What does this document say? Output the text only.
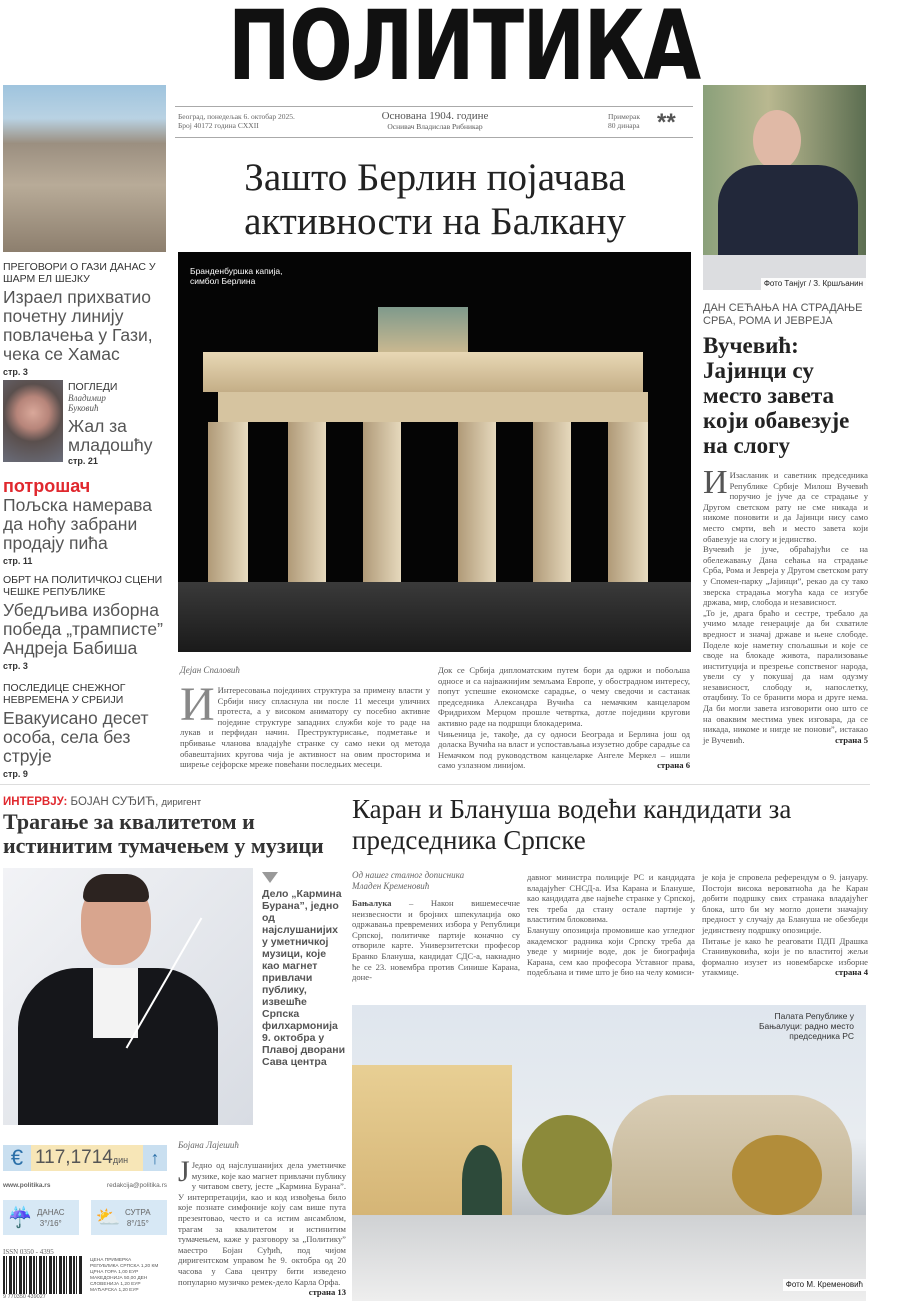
ПОЛИТИКА
Београд, понедељак 6. октобар 2025.
Број 40172 година CXXII
Основана 1904. године
Оснивач Владислав Рибникар
Примерак
80 динара **
ПРЕГОВОРИ О ГАЗИ ДАНАС У ШАРМ ЕЛ ШЕЈКУ
Израел прихватио почетну линију повлачења у Гази, чека се Хамас
стр. 3
ПОГЛЕДИ
Владимир Буковић
Жал за младошћу
стр. 21
потрошач
Пољска намерава да ноћу забрани продају пића
стр. 11
ОБРТ НА ПОЛИТИЧКОЈ СЦЕНИ ЧЕШКЕ РЕПУБЛИКЕ
Убедљива изборна победа „трамписте” Андреја Бабиша
стр. 3
ПОСЛЕДИЦЕ СНЕЖНОГ НЕВРЕМЕНА У СРБИЈИ
Евакуисано десет особа, села без струје
стр. 9
Зашто Берлин појачава активности на Балкану
Бранденбуршка капија, симбол Берлина
Дејан Спаловић
И Интересовања појединих структура за примену власти у Србији нису спласнула ни после 11 месеци уличних протеста, а у високом аниматору су посебно активне поједине структуре западних служби које то раде на лукав и перфидан начин. Преструктурисање, подметање и прбивање чланова владајуће странке су само неки од метода обавештајних кругова чија је активност на овим просторима и ширење сејфорске мреже повећани последњих месеци.
Док се Србија дипломатским путем бори да одржи и побољша односе и са најважнијим земљама Европе, у обострадном интересу, попут успешне економске сарадње, о чему сведочи и састанак председника Александра Вучића са немачким канцеларом Фридрихом Мерцом прошле четвртка, дотле поједини кругови активно раде на подршци блокадерима.
Чињеница је, такође, да су односи Београда и Берлина још од доласка Вучића на власт и успостављања изузетно добре сарадње са Немачком под руководством канцеларке Ангеле Меркел – ишли само узлазном линијом.	страна 6
Фото Танјуг / З. Кршљанин
ДАН СЕЋАЊА НА СТРАДАЊЕ СРБА, РОМА И ЈЕВРЕЈА
Вучевић: Јајинци су место завета који обавезује на слогу
И Изасланик и саветник председника Републике Србије Милош Вучевић поручио је јуче да се страдање у Другом светском рату не сме никада и никоме поновити и да Јајинци нису само место смрти, већ и место завета који обавезује на слогу и јединство.
Вучевић је јуче, обраћајући се на обележавању Дана сећања на страдање Срба, Рома и Јевреја у Другом светском рату у Спомен-парку „Јајинци”, рекао да су тако зверска страдања могућа када се изгубе држава, мир, слобода и независност.
„То је, драга браћо и сестре, требало да учимо младе генерације да би схватиле вредност и значај државе и њене слободе. Поделе које наметну спољашњи и које се своде на блокаде живота, парализовање институција и презрење сопственог народа, увели су у покушај да нам одузму независност, слободу и, напослетку, отаџбину. То се бранити мора и друге нема. Да би могли завета изговорити оно што се на оваквим местима увек изговара, да се никада, никоме и нигде не понови”, истакао је Вучевић.	страна 5
ИНТЕРВЈУ: БОЈАН СУЂИЋ, диригент
Трагање за квалитетом и истинитим тумачењем у музици
Дело „Кармина Бурана”, једно од најслушанијих у уметничкој музици, које као магнет привлачи публику, извешће Српска филхармонија 9. октобра у Плавој дворани Сава центра
Бојана Лајешић
Ј Једно од најслушанијих дела уметничке музике, које као магнет привлачи публику у читавом свету, јесте „Кармина Бурана”. У интерпретацији, као и код извођења било које познате симфоније коју сам више пута презентовао, често и са истим ансамблом, трагам за квалитетом и истинитим тумачењем, каже у разговору за „Политику” маестро Бојан Суђић, под чијом диригентском управом ће 9. октобра од 20 часова у Сава центру бити изведено популарно музичко ремек-дело Карла Орфа.
страна 13
€ 117,1714дин	↑
www.politika.rs	redakcija@politika.rs
☔ ДАНАС
3°/16° ⛅ СУТРА
8°/15°
ISSN 0350 - 4395
9 770350 439027
ЦЕНА ПРИМЕРКА
РЕПУБЛИКА СРПСКА 1,20 КМ
ЦРНА ГОРА 1,00 ЕУР
МАКЕДОНИЈА 50,00 ДЕН
СЛОВЕНИЈА 1,20 ЕУР
МАЂАРСКА 1,20 ЕУР
Каран и Блануша водећи кандидати за председника Српске
Од нашег сталног дописника Младен Кременовић
Бањалука – Након вишемесечне неизвесности и бројних шпекулација око одржавања превремених избора у Републици Српској, политичке партије коначно су отвориле карте. Универзитетски професор Бранко Блануша, кандидат СДС-а, накнадно ће се 23. новембра против Синише Карана, доне-
давног министра полиције РС и кандидата владајућег СНСД-а. Иза Карана и Блануше, као кандидата две највеће странке у Српској, тек треба да стану остале партије у властитим блоковима.
Бланушу опозиција промовише као угледног академског радника који Српску треба да уведе у мирније воде, док је биографија Карана, сем као професора Уставног права, подебљана и тиме што је био на челу комиси-
је која је спровела референдум о 9. јануару. Постоји висока вероватноћа да ће Каран добити подршку свих странака владајућег блока, што би му могло донети значајну предност у случају да Блануша не обезбеди јединствену подршку опозиције.
Питање је како ће реаговати ПДП Драшка Станивуковића, који је по властитој жељи формално изузет из новембарске изборне утакмице.	страна 4
Палата Републике у Бањалуци: радно место председника РС
Фото М. Кременовић
